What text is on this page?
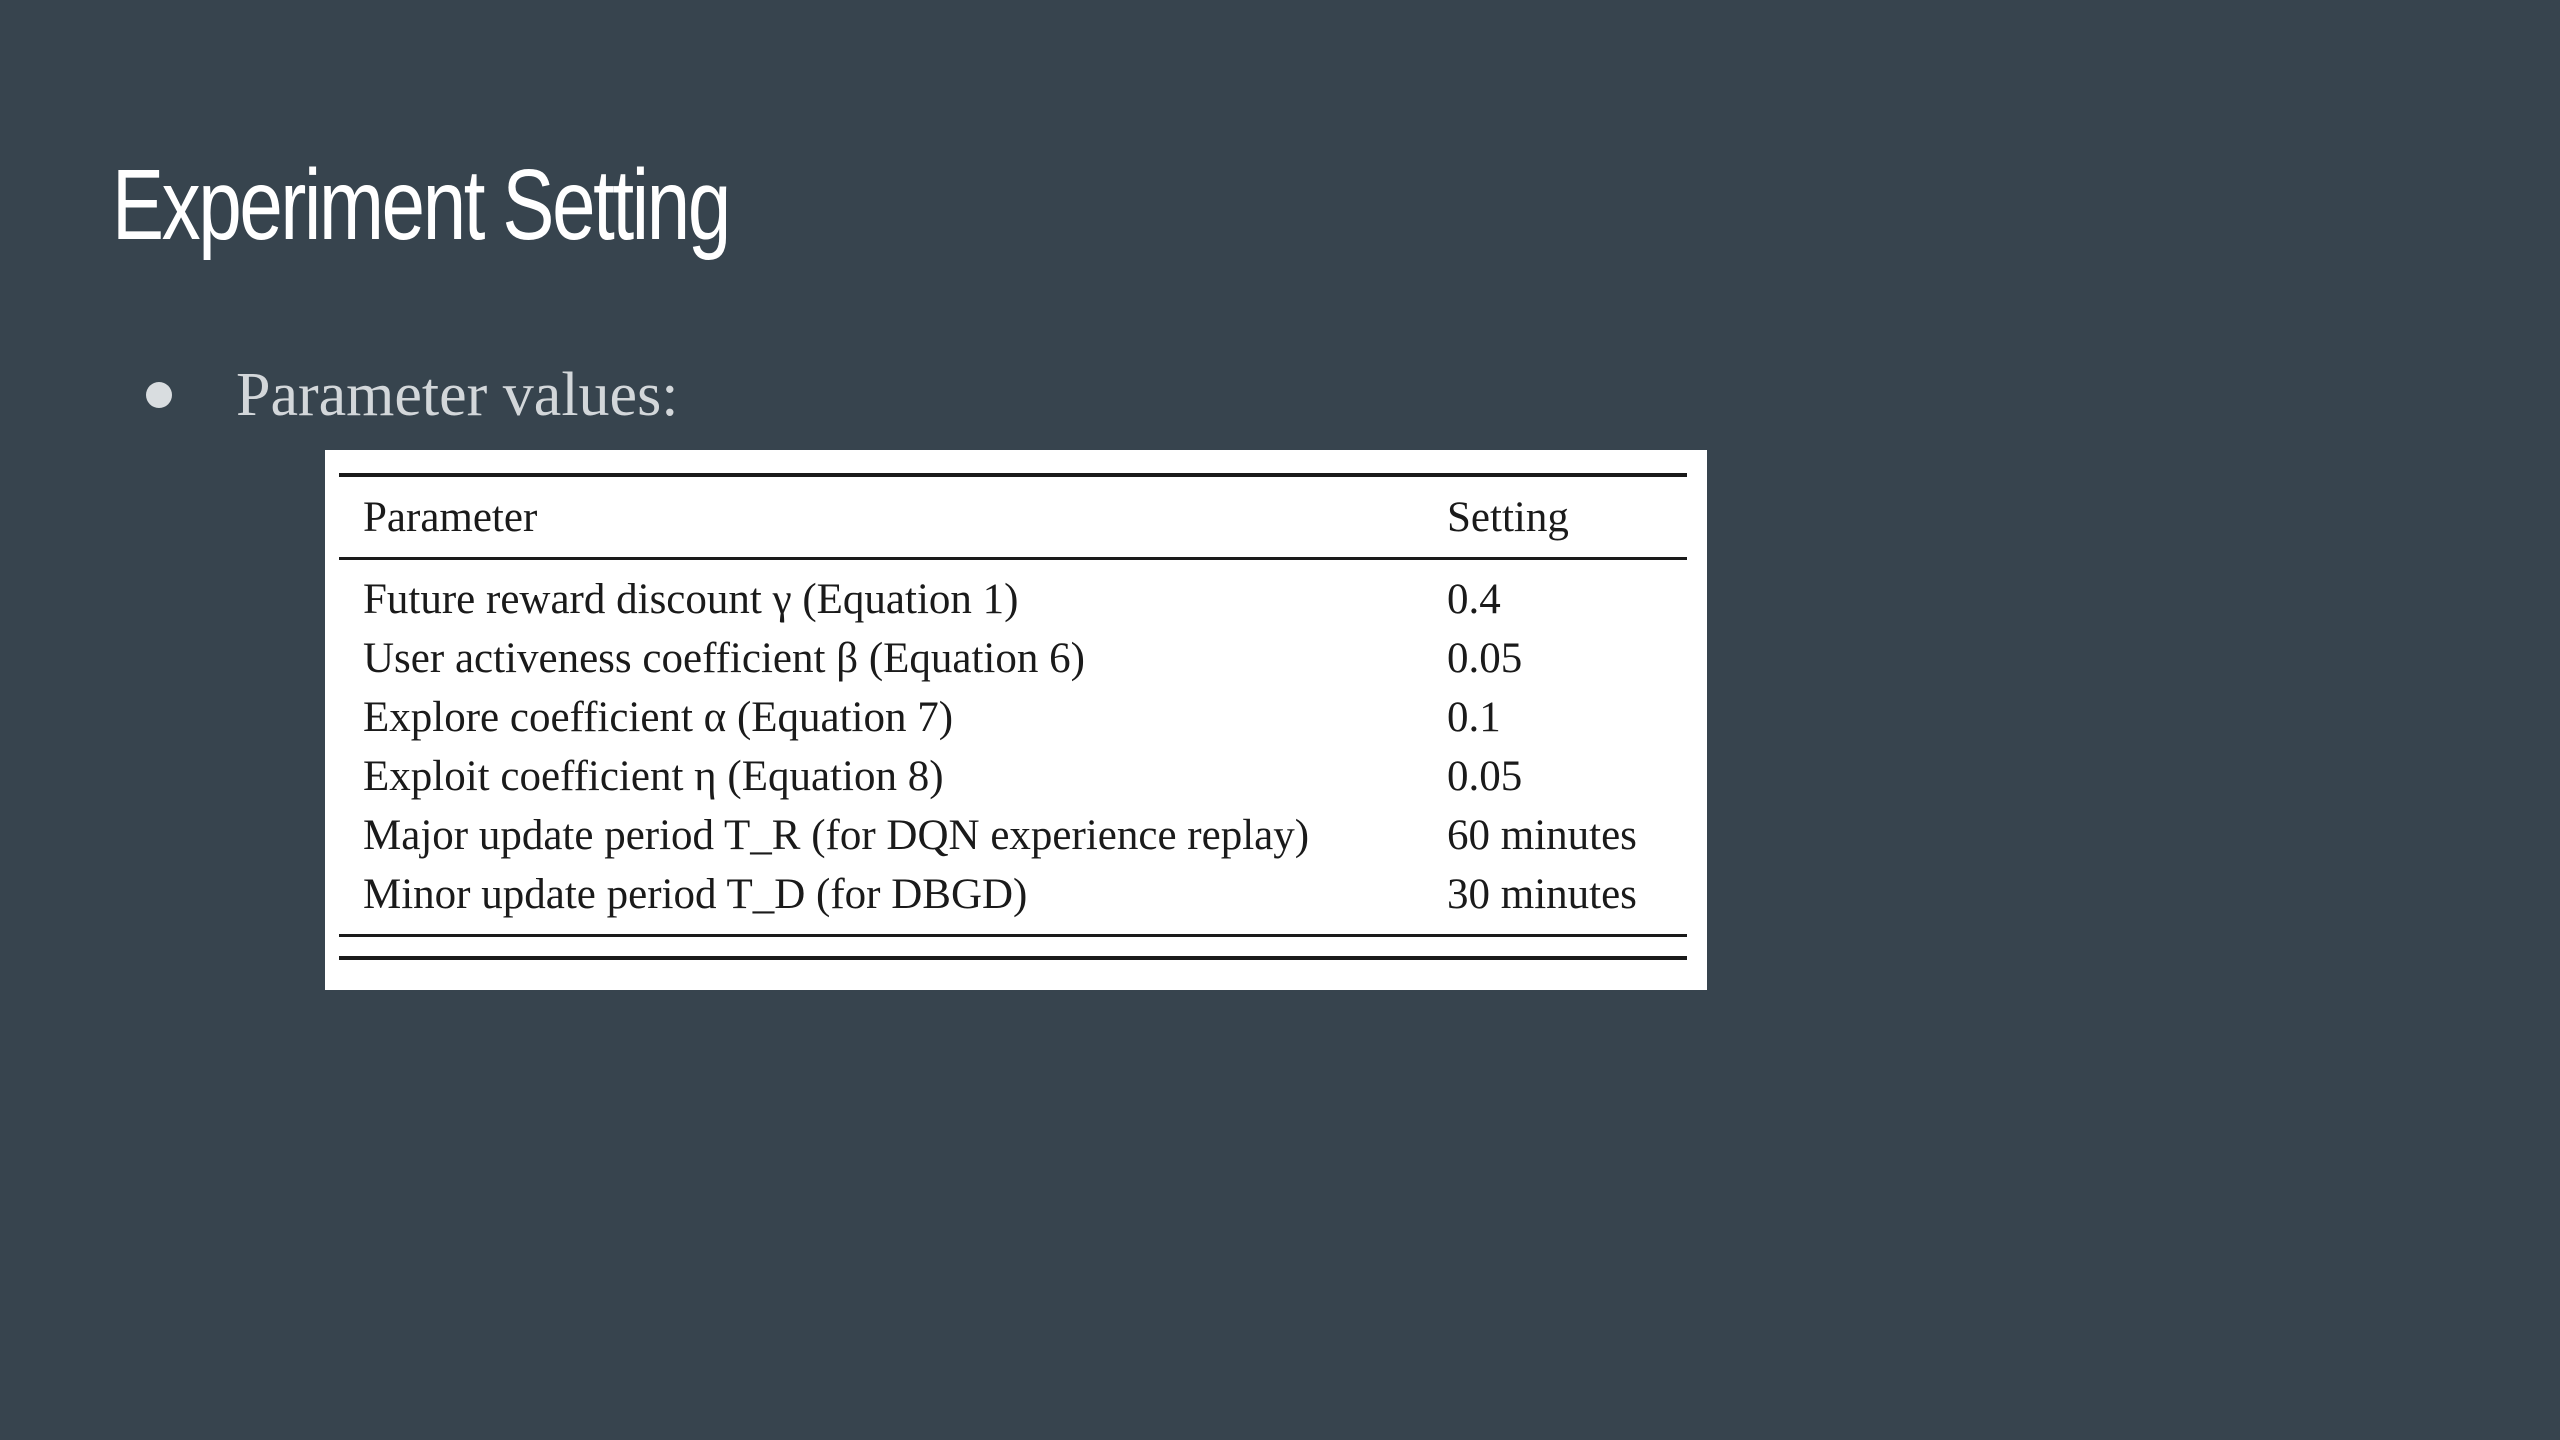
Experiment Setting
Parameter values:
Parameter	Setting
Future reward discount γ (Equation 1)	0.4
User activeness coefficient β (Equation 6)	0.05
Explore coefficient α (Equation 7)	0.1
Exploit coefficient η (Equation 8)	0.05
Major update period T_R (for DQN experience replay)	60 minutes
Minor update period T_D (for DBGD)	30 minutes
